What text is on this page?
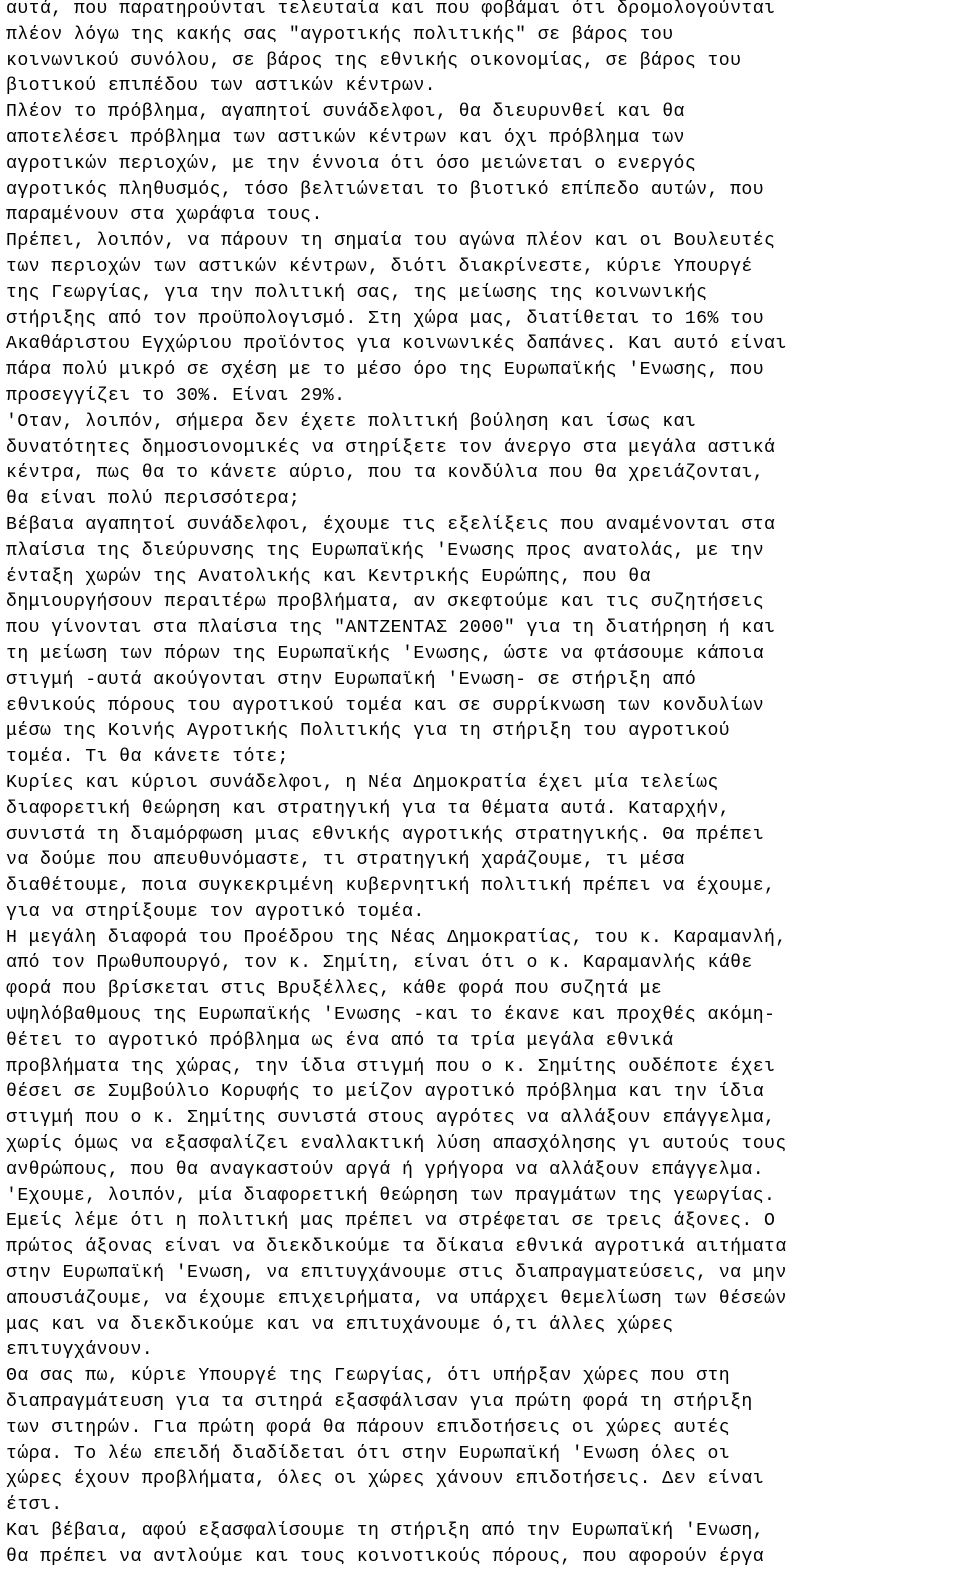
αυτά, που παρατηρούνται τελευταία και που φοβάμαι ότι δρομολογούνται
πλέον λόγω της κακής σας "αγροτικής πολιτικής" σε βάρος του
κοινωνικού συνόλου, σε βάρος της εθνικής οικονομίας, σε βάρος του
βιοτικού επιπέδου των αστικών κέντρων.
Πλέον το πρόβλημα, αγαπητοί συνάδελφοι, θα διευρυνθεί και θα
αποτελέσει πρόβλημα των αστικών κέντρων και όχι πρόβλημα των
αγροτικών περιοχών, με την έννοια ότι όσο μειώνεται ο ενεργός
αγροτικός πληθυσμός, τόσο βελτιώνεται το βιοτικό επίπεδο αυτών, που
παραμένουν στα χωράφια τους.
Πρέπει, λοιπόν, να πάρουν τη σημαία του αγώνα πλέον και οι Βουλευτές
των περιοχών των αστικών κέντρων, διότι διακρίνεστε, κύριε Υπουργέ
της Γεωργίας, για την πολιτική σας, της μείωσης της κοινωνικής
στήριξης από τον προϋπολογισμό. Στη χώρα μας, διατίθεται το 16% του
Ακαθάριστου Εγχώριου προϊόντος για κοινωνικές δαπάνες. Και αυτό είναι
πάρα πολύ μικρό σε σχέση με το μέσο όρο της Ευρωπαϊκής 'Ενωσης, που
προσεγγίζει το 30%. Είναι 29%.
'Οταν, λοιπόν, σήμερα δεν έχετε πολιτική βούληση και ίσως και
δυνατότητες δημοσιονομικές να στηρίξετε τον άνεργο στα μεγάλα αστικά
κέντρα, πως θα το κάνετε αύριο, που τα κονδύλια που θα χρειάζονται,
θα είναι πολύ περισσότερα;
Βέβαια αγαπητοί συνάδελφοι, έχουμε τις εξελίξεις που αναμένονται στα
πλαίσια της διεύρυνσης της Ευρωπαϊκής 'Ενωσης προς ανατολάς, με την
ένταξη χωρών της Ανατολικής και Κεντρικής Ευρώπης, που θα
δημιουργήσουν περαιτέρω προβλήματα, αν σκεφτούμε και τις συζητήσεις
που γίνονται στα πλαίσια της "ΑΝΤΖΕΝΤΑΣ 2000" για τη διατήρηση ή και
τη μείωση των πόρων της Ευρωπαϊκής 'Ενωσης, ώστε να φτάσουμε κάποια
στιγμή -αυτά ακούγονται στην Ευρωπαϊκή 'Ενωση- σε στήριξη από
εθνικούς πόρους του αγροτικού τομέα και σε συρρίκνωση των κονδυλίων
μέσω της Κοινής Αγροτικής Πολιτικής για τη στήριξη του αγροτικού
τομέα. Τι θα κάνετε τότε;
Κυρίες και κύριοι συνάδελφοι, η Νέα Δημοκρατία έχει μία τελείως
διαφορετική θεώρηση και στρατηγική για τα θέματα αυτά. Καταρχήν,
συνιστά τη διαμόρφωση μιας εθνικής αγροτικής στρατηγικής. Θα πρέπει
να δούμε που απευθυνόμαστε, τι στρατηγική χαράζουμε, τι μέσα
διαθέτουμε, ποια συγκεκριμένη κυβερνητική πολιτική πρέπει να έχουμε,
για να στηρίξουμε τον αγροτικό τομέα.
Η μεγάλη διαφορά του Προέδρου της Νέας Δημοκρατίας, του κ. Καραμανλή,
από τον Πρωθυπουργό, τον κ. Σημίτη, είναι ότι ο κ. Καραμανλής κάθε
φορά που βρίσκεται στις Βρυξέλλες, κάθε φορά που συζητά με
υψηλόβαθμους της Ευρωπαϊκής 'Ενωσης -και το έκανε και προχθές ακόμη-
θέτει το αγροτικό πρόβλημα ως ένα από τα τρία μεγάλα εθνικά
προβλήματα της χώρας, την ίδια στιγμή που ο κ. Σημίτης ουδέποτε έχει
θέσει σε Συμβούλιο Κορυφής το μείζον αγροτικό πρόβλημα και την ίδια
στιγμή που ο κ. Σημίτης συνιστά στους αγρότες να αλλάξουν επάγγελμα,
χωρίς όμως να εξασφαλίζει εναλλακτική λύση απασχόλησης γι αυτούς τους
ανθρώπους, που θα αναγκαστούν αργά ή γρήγορα να αλλάξουν επάγγελμα.
'Εχουμε, λοιπόν, μία διαφορετική θεώρηση των πραγμάτων της γεωργίας.
Εμείς λέμε ότι η πολιτική μας πρέπει να στρέφεται σε τρεις άξονες. Ο
πρώτος άξονας είναι να διεκδικούμε τα δίκαια εθνικά αγροτικά αιτήματα
στην Ευρωπαϊκή 'Ενωση, να επιτυγχάνουμε στις διαπραγματεύσεις, να μην
απουσιάζουμε, να έχουμε επιχειρήματα, να υπάρχει θεμελίωση των θέσεών
μας και να διεκδικούμε και να επιτυχάνουμε ό,τι άλλες χώρες
επιτυγχάνουν.
Θα σας πω, κύριε Υπουργέ της Γεωργίας, ότι υπήρξαν χώρες που στη
διαπραγμάτευση για τα σιτηρά εξασφάλισαν για πρώτη φορά τη στήριξη
των σιτηρών. Για πρώτη φορά θα πάρουν επιδοτήσεις οι χώρες αυτές
τώρα. Το λέω επειδή διαδίδεται ότι στην Ευρωπαϊκή 'Ενωση όλες οι
χώρες έχουν προβλήματα, όλες οι χώρες χάνουν επιδοτήσεις. Δεν είναι
έτσι.
Και βέβαια, αφού εξασφαλίσουμε τη στήριξη από την Ευρωπαϊκή 'Ενωση,
θα πρέπει να αντλούμε και τους κοινοτικούς πόρους, που αφορούν έργα
